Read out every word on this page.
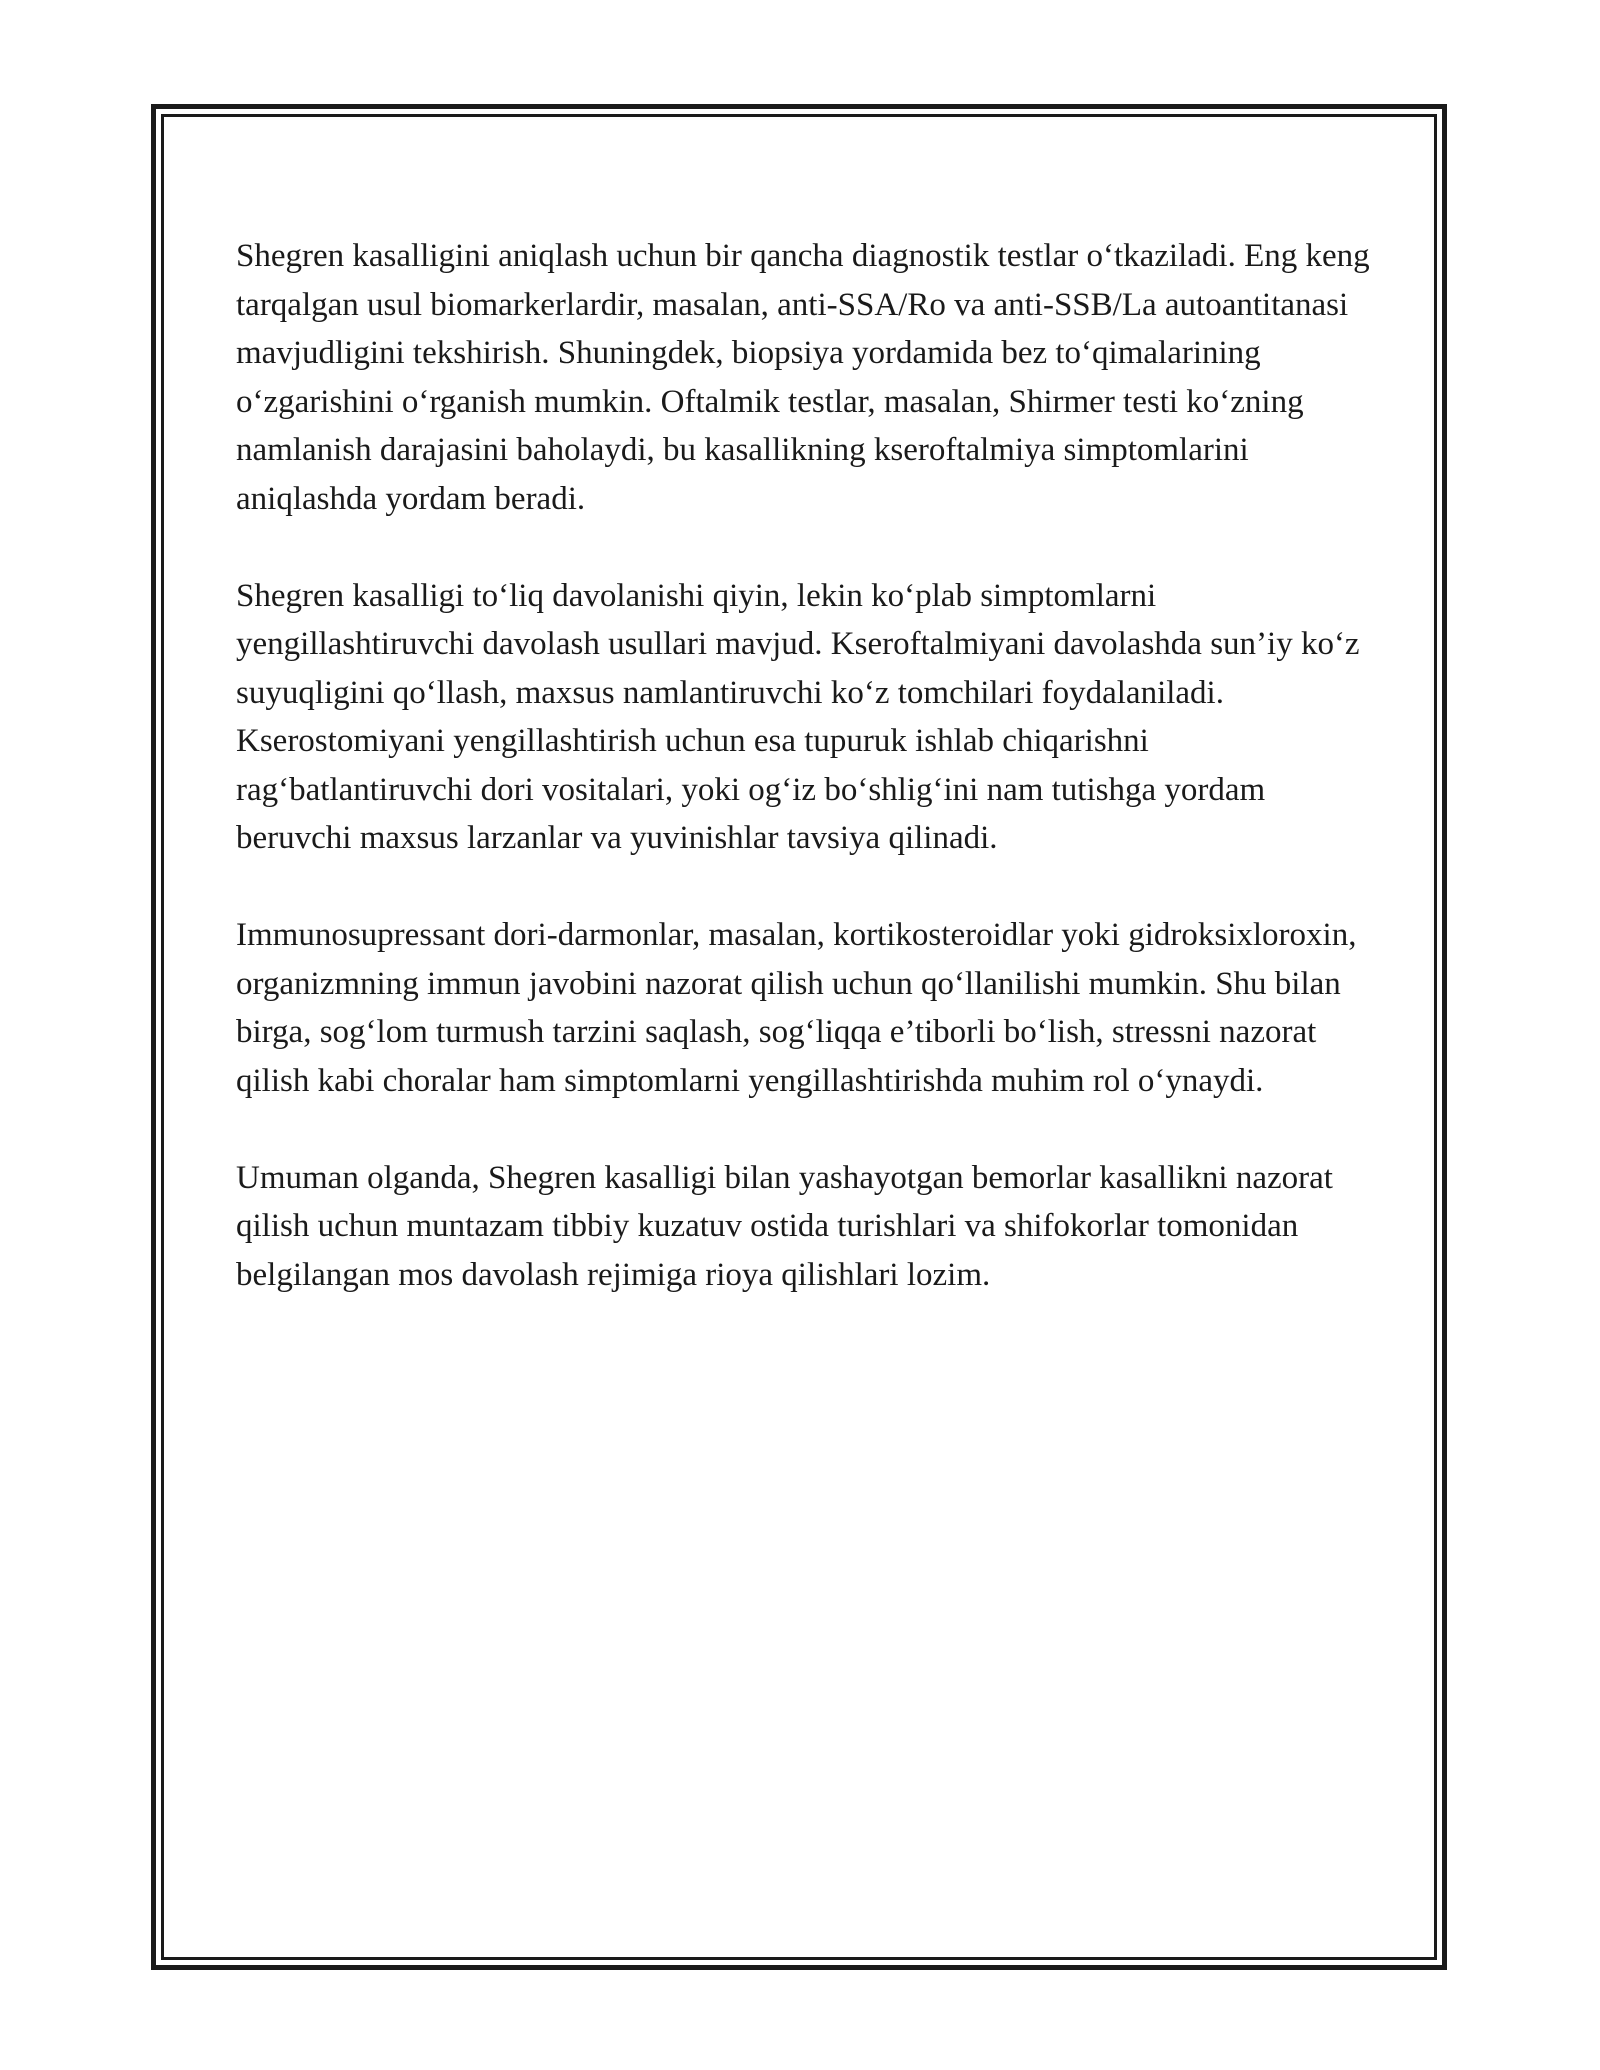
Shegren kasalligini aniqlash uchun bir qancha diagnostik testlar o‘tkaziladi. Eng keng tarqalgan usul biomarkerlardir, masalan, anti-SSA/Ro va anti-SSB/La autoantitanasi mavjudligini tekshirish. Shuningdek, biopsiya yordamida bez to‘qimalarining o‘zgarishini o‘rganish mumkin. Oftalmik testlar, masalan, Shirmer testi ko‘zning namlanish darajasini baholaydi, bu kasallikning kseroftalmiya simptomlarini aniqlashda yordam beradi.

Shegren kasalligi to‘liq davolanishi qiyin, lekin ko‘plab simptomlarni yengillashtiruvchi davolash usullari mavjud. Kseroftalmiyani davolashda sun’iy ko‘z suyuqligini qo‘llash, maxsus namlantiruvchi ko‘z tomchilari foydalaniladi. Kserostomiyani yengillashtirish uchun esa tupuruk ishlab chiqarishni rag‘batlantiruvchi dori vositalari, yoki og‘iz bo‘shlig‘ini nam tutishga yordam beruvchi maxsus larzanlar va yuvinishlar tavsiya qilinadi.

Immunosupressant dori-darmonlar, masalan, kortikosteroidlar yoki gidroksixloroxin, organizmning immun javobini nazorat qilish uchun qo‘llanilishi mumkin. Shu bilan birga, sog‘lom turmush tarzini saqlash, sog‘liqqa e’tiborli bo‘lish, stressni nazorat qilish kabi choralar ham simptomlarni yengillashtirishda muhim rol o‘ynaydi.

Umuman olganda, Shegren kasalligi bilan yashayotgan bemorlar kasallikni nazorat qilish uchun muntazam tibbiy kuzatuv ostida turishlari va shifokorlar tomonidan belgilangan mos davolash rejimiga rioya qilishlari lozim.
